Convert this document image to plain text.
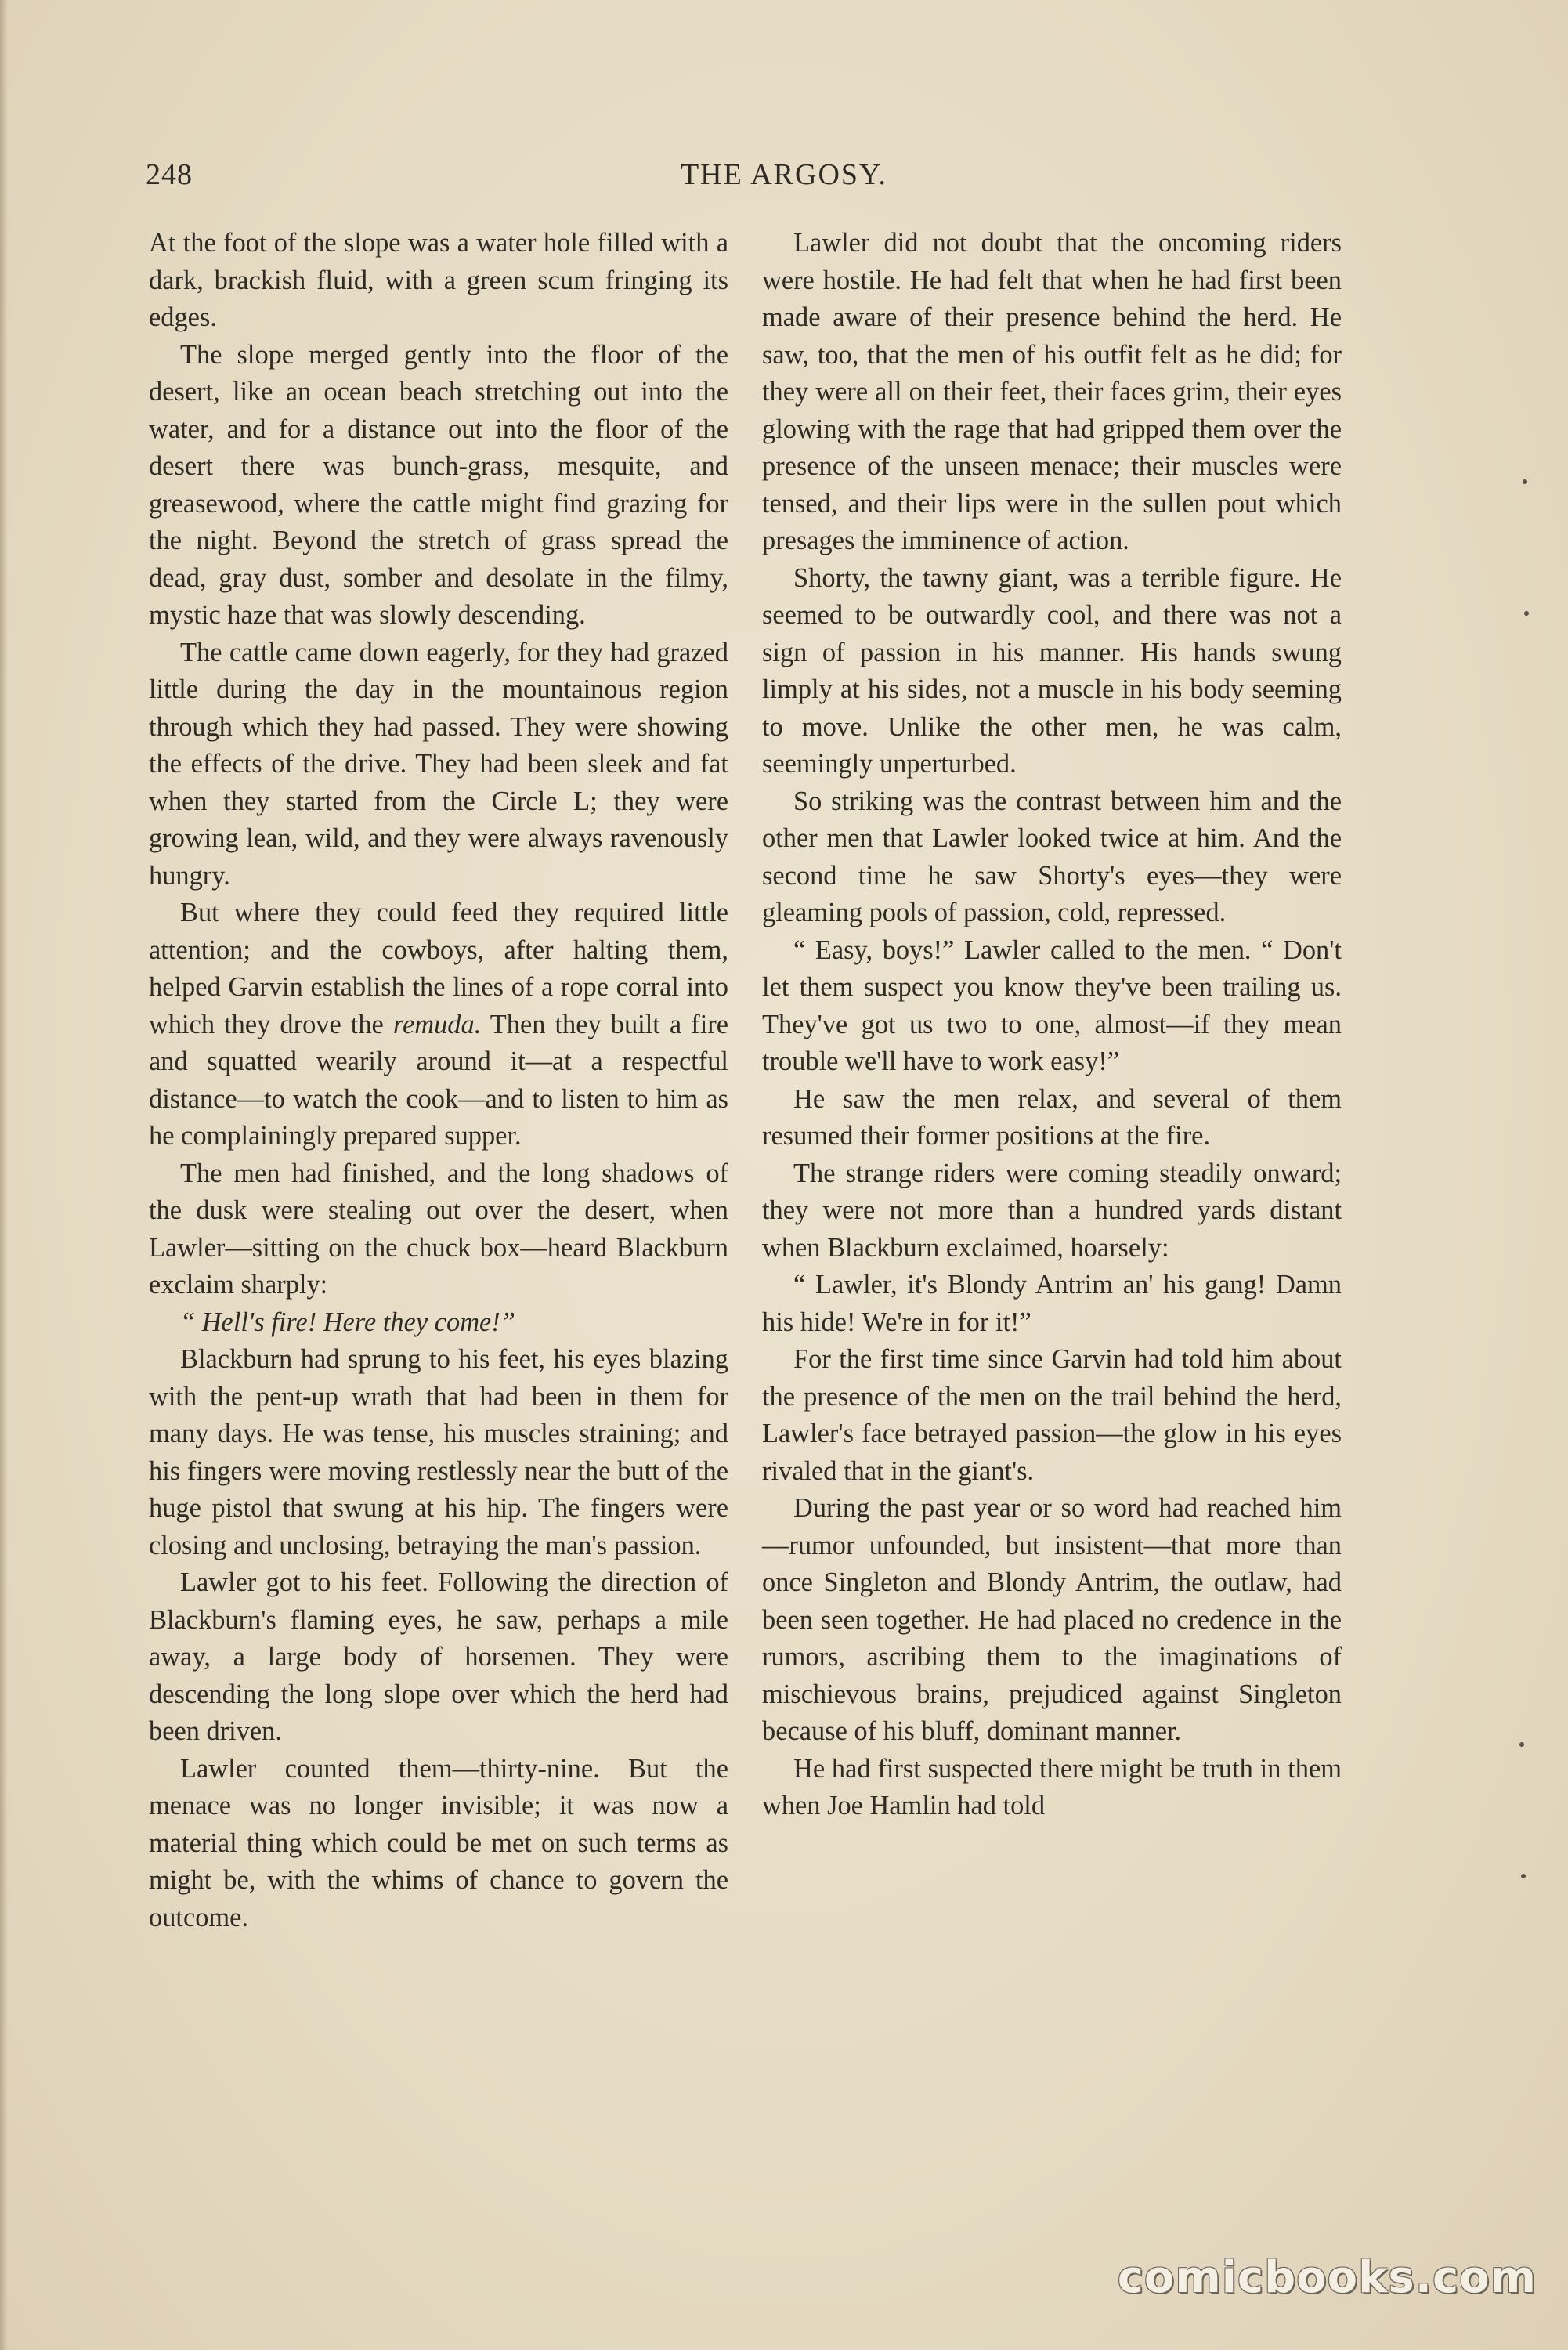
248	THE ARGOSY.

At the foot of the slope was a water hole filled with a dark, brackish fluid, with a green scum fringing its edges.

The slope merged gently into the floor of the desert, like an ocean beach stretching out into the water, and for a distance out into the floor of the desert there was bunch-grass, mesquite, and greasewood, where the cattle might find grazing for the night. Beyond the stretch of grass spread the dead, gray dust, somber and desolate in the filmy, mystic haze that was slowly descending.

The cattle came down eagerly, for they had grazed little during the day in the mountainous region through which they had passed. They were showing the effects of the drive. They had been sleek and fat when they started from the Circle L; they were growing lean, wild, and they were always ravenously hungry.

But where they could feed they required little attention; and the cowboys, after halting them, helped Garvin establish the lines of a rope corral into which they drove the remuda. Then they built a fire and squatted wearily around it—at a respectful distance—to watch the cook—and to listen to him as he complainingly prepared supper.

The men had finished, and the long shadows of the dusk were stealing out over the desert, when Lawler—sitting on the chuck box—heard Blackburn exclaim sharply:

“ Hell's fire! Here they come!”

Blackburn had sprung to his feet, his eyes blazing with the pent-up wrath that had been in them for many days. He was tense, his muscles straining; and his fingers were moving restlessly near the butt of the huge pistol that swung at his hip. The fingers were closing and unclosing, betraying the man's passion.

Lawler got to his feet. Following the direction of Blackburn's flaming eyes, he saw, perhaps a mile away, a large body of horsemen. They were descending the long slope over which the herd had been driven.

Lawler counted them—thirty-nine. But the menace was no longer invisible; it was now a material thing which could be met on such terms as might be, with the whims of chance to govern the outcome.

Lawler did not doubt that the oncoming riders were hostile. He had felt that when he had first been made aware of their presence behind the herd. He saw, too, that the men of his outfit felt as he did; for they were all on their feet, their faces grim, their eyes glowing with the rage that had gripped them over the presence of the unseen menace; their muscles were tensed, and their lips were in the sullen pout which presages the imminence of action.

Shorty, the tawny giant, was a terrible figure. He seemed to be outwardly cool, and there was not a sign of passion in his manner. His hands swung limply at his sides, not a muscle in his body seeming to move. Unlike the other men, he was calm, seemingly unperturbed.

So striking was the contrast between him and the other men that Lawler looked twice at him. And the second time he saw Shorty's eyes—they were gleaming pools of passion, cold, repressed.

“ Easy, boys!” Lawler called to the men. “ Don't let them suspect you know they've been trailing us. They've got us two to one, almost—if they mean trouble we'll have to work easy!”

He saw the men relax, and several of them resumed their former positions at the fire.

The strange riders were coming steadily onward; they were not more than a hundred yards distant when Blackburn exclaimed, hoarsely:

“ Lawler, it's Blondy Antrim an' his gang! Damn his hide! We're in for it!”

For the first time since Garvin had told him about the presence of the men on the trail behind the herd, Lawler's face betrayed passion—the glow in his eyes rivaled that in the giant's.

During the past year or so word had reached him—rumor unfounded, but insistent—that more than once Singleton and Blondy Antrim, the outlaw, had been seen together. He had placed no credence in the rumors, ascribing them to the imaginations of mischievous brains, prejudiced against Singleton because of his bluff, dominant manner.

He had first suspected there might be truth in them when Joe Hamlin had told

comicbooks.com
